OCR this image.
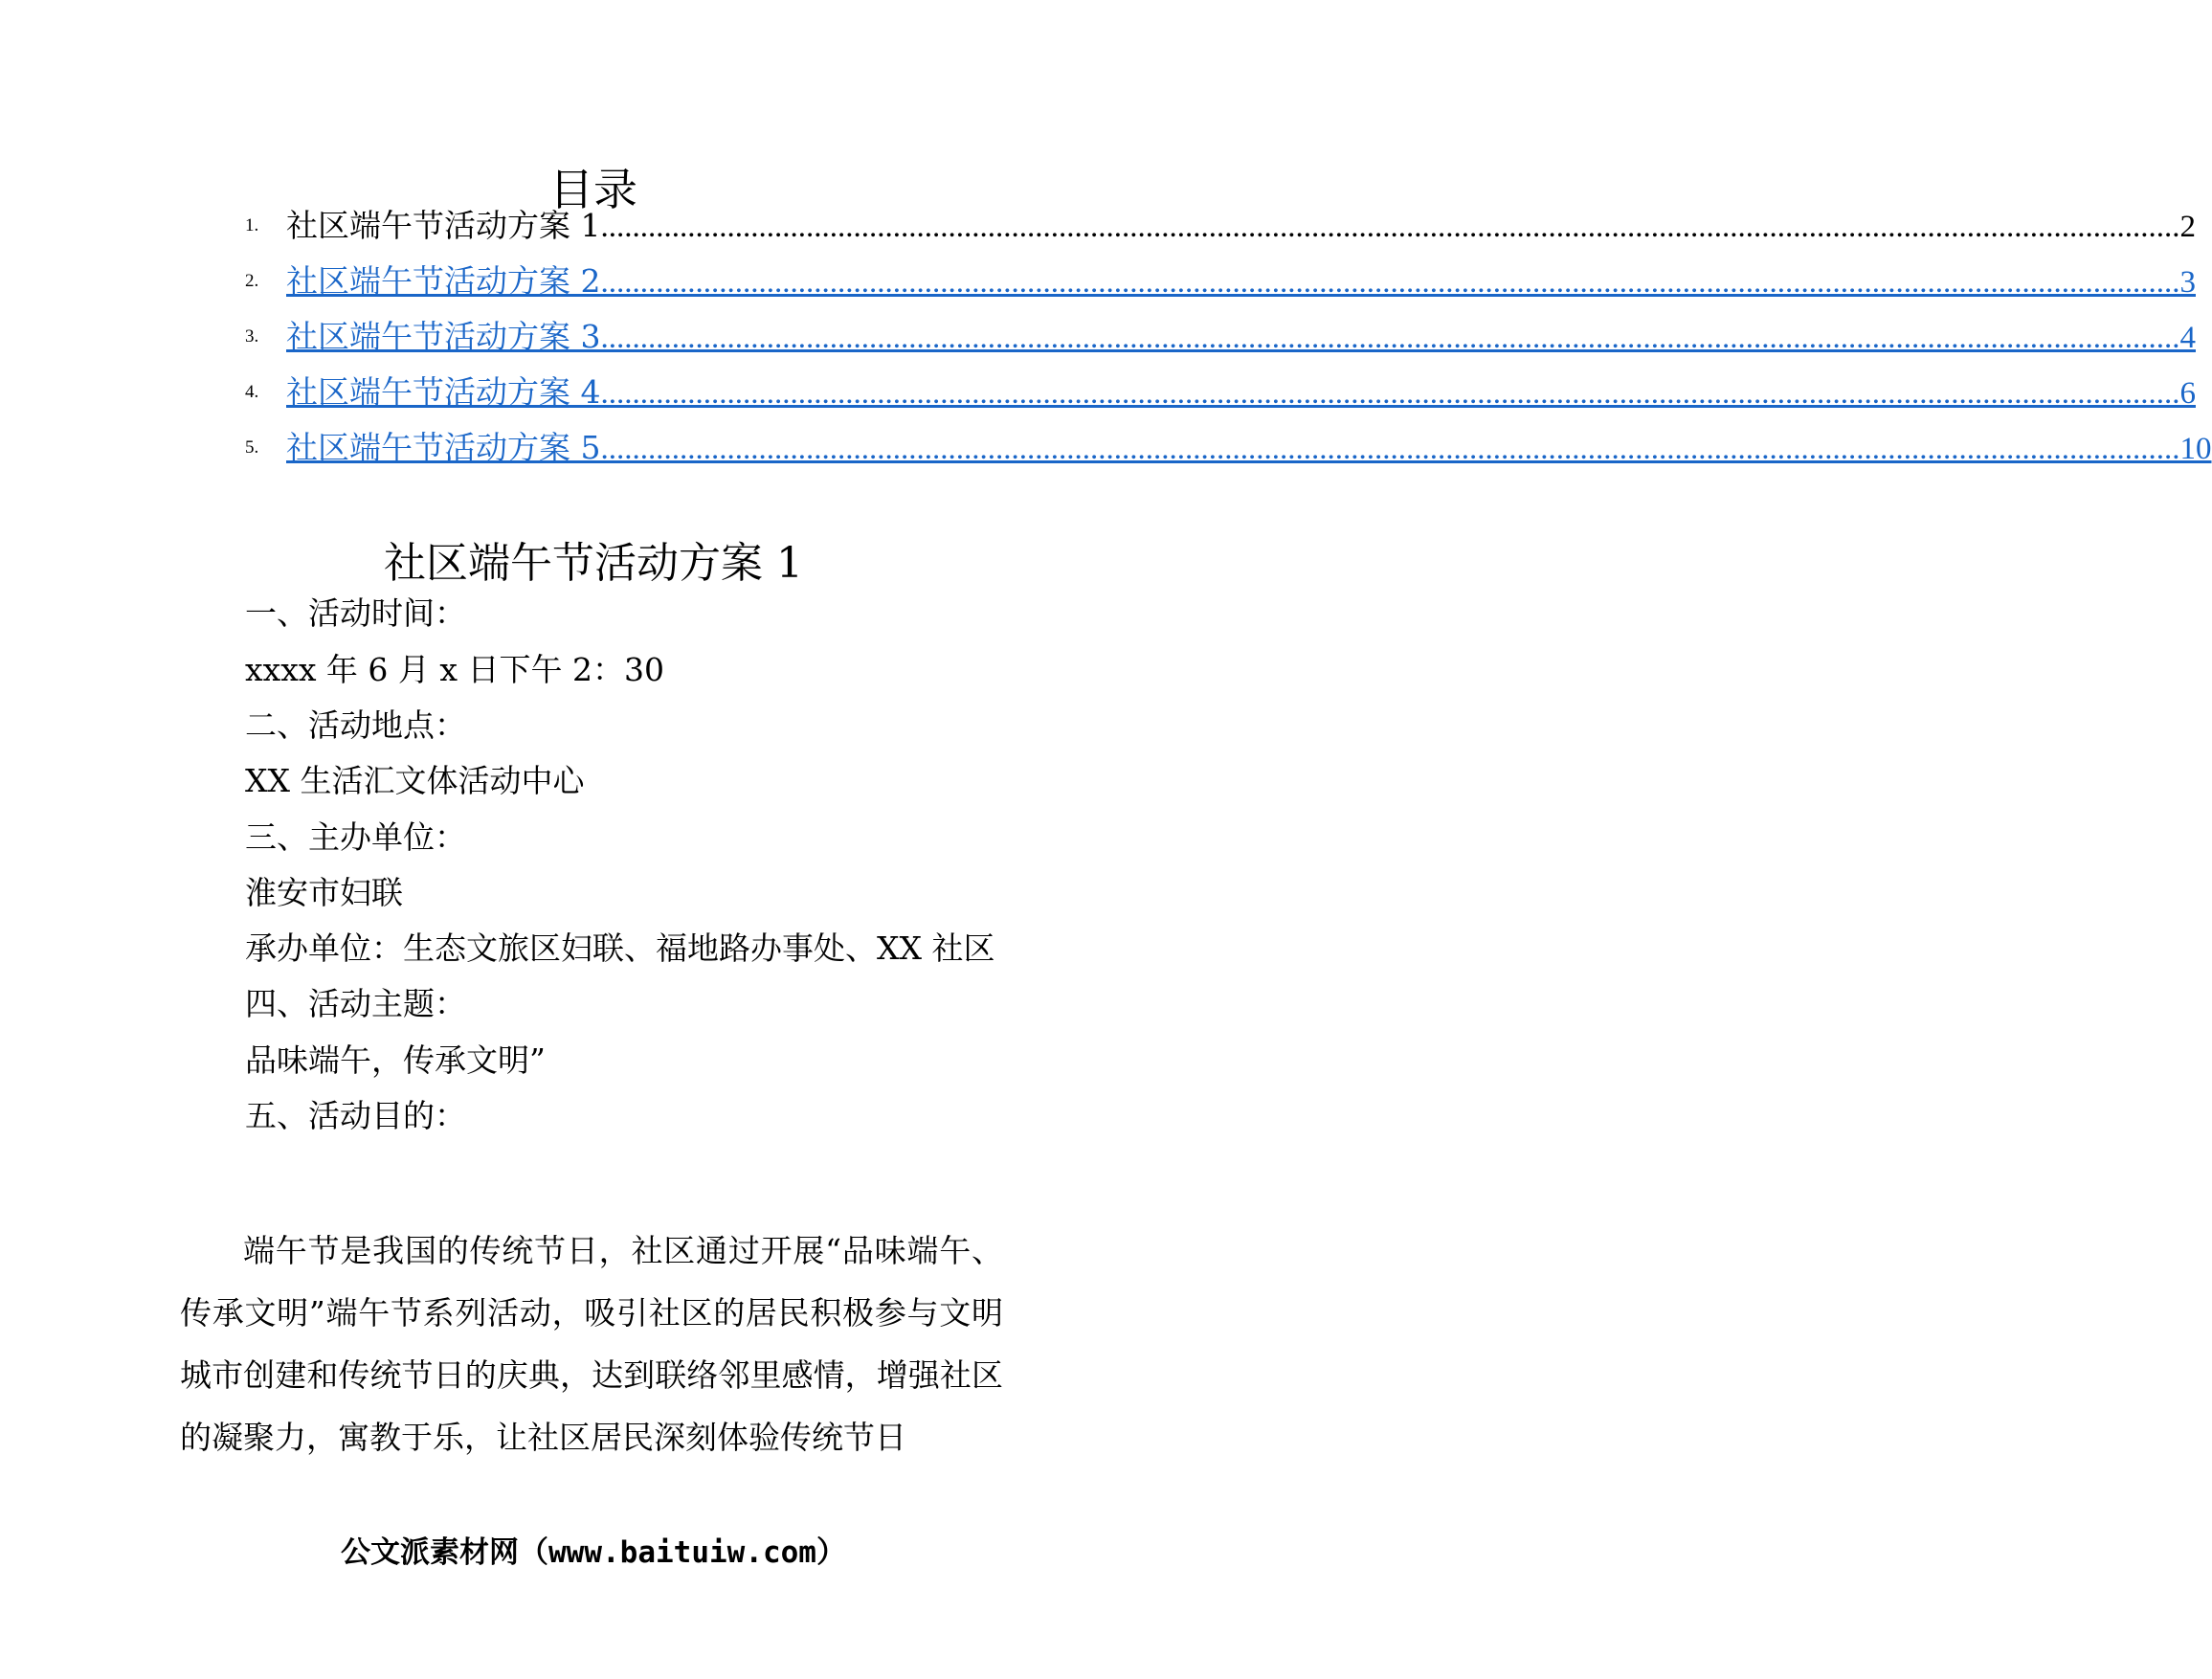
目录
1. 社区端午节活动方案 1 ........................................................................................................................................................................................................ 2
2. 社区端午节活动方案 2 ........................................................................................................................................................................................................ 3
3. 社区端午节活动方案 3 ........................................................................................................................................................................................................ 4
4. 社区端午节活动方案 4 ........................................................................................................................................................................................................ 6
5. 社区端午节活动方案 5 ........................................................................................................................................................................................................ 10
社区端午节活动方案 1
一、活动时间：
xxxx 年 6 月 x 日下午 2：30
二、活动地点：
XX 生活汇文体活动中心
三、主办单位：
淮安市妇联
承办单位：生态文旅区妇联、福地路办事处、XX 社区
四、活动主题：
品味端午，传承文明”
五、活动目的：
端午节是我国的传统节日，社区通过开展“品味端午、传承文明”端午节系列活动，吸引社区的居民积极参与文明城市创建和传统节日的庆典，达到联络邻里感情，增强社区的凝聚力，寓教于乐，让社区居民深刻体验传统节日
公文派素材网（www.baituiw.com）
